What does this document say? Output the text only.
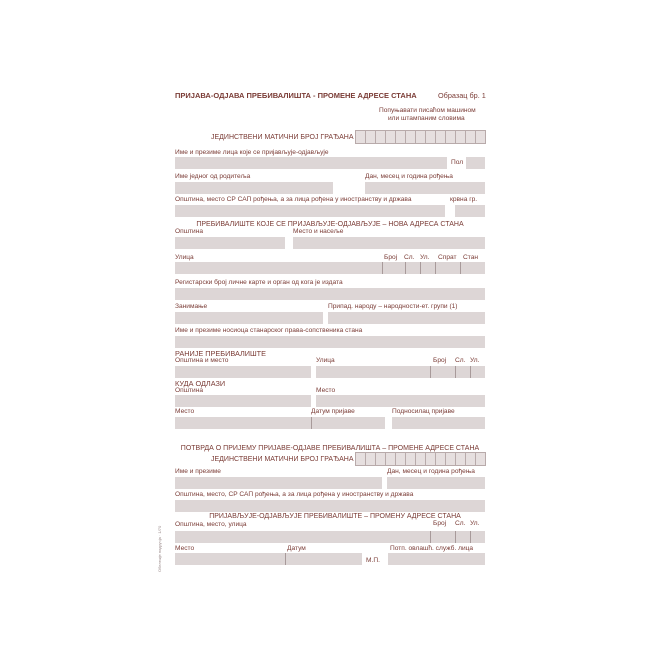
ПРИЈАВА-ОДЈАВА ПРЕБИВАЛИШТА - ПРОМЕНЕ АДРЕСЕ СТАНА	Образац бр. 1
Попуњавати писаћом машином
или штампаним словима
ЈЕДИНСТВЕНИ МАТИЧНИ БРОЈ ГРАЂАНА
Име и презиме лица које се пријављује-одјављује
Пол
Име једног од родитеља	Дан, месец и година рођења
Општина, место СР САП рођења, а за лица рођена у иностранству и држава	крвна гр.
ПРЕБИВАЛИШТЕ КОЈЕ СЕ ПРИЈАВЉУЈЕ-ОДЈАВЉУЈЕ – НОВА АДРЕСА СТАНА
Општина	Место и насеље
Улица	Број Сл. Ул. Спрат Стан
Регистарски број личне карте и орган од кога је издата
Занимање	Припад. народу – народности-ет. групи (1)
Име и презиме носиоца станарског права-сопственика стана
РАНИЈЕ ПРЕБИВАЛИШТЕ
Општина и место	Улица	Број Сл. Ул.
КУДА ОДЛАЗИ
Општина	Место
Место	Датум пријаве	Подносилац пријаве
ПОТВРДА О ПРИЈЕМУ ПРИЈАВЕ-ОДЈАВЕ ПРЕБИВАЛИШТА – ПРОМЕНЕ АДРЕСЕ СТАНА
ЈЕДИНСТВЕНИ МАТИЧНИ БРОЈ ГРАЂАНА
Име и презиме	Дан, месец и година рођења
Општина, место, СР САП рођења, а за лица рођена у иностранству и држава
ПРИЈАВЉУЈЕ-ОДЈАВЉУЈЕ ПРЕБИВАЛИШТЕ – ПРОМЕНУ АДРЕСЕ СТАНА
Општина, место, улица	Број Сл. Ул.
Место	Датум	Потп. овлашћ. служб. лица
М.П.
Обележје подручја · 1/70
